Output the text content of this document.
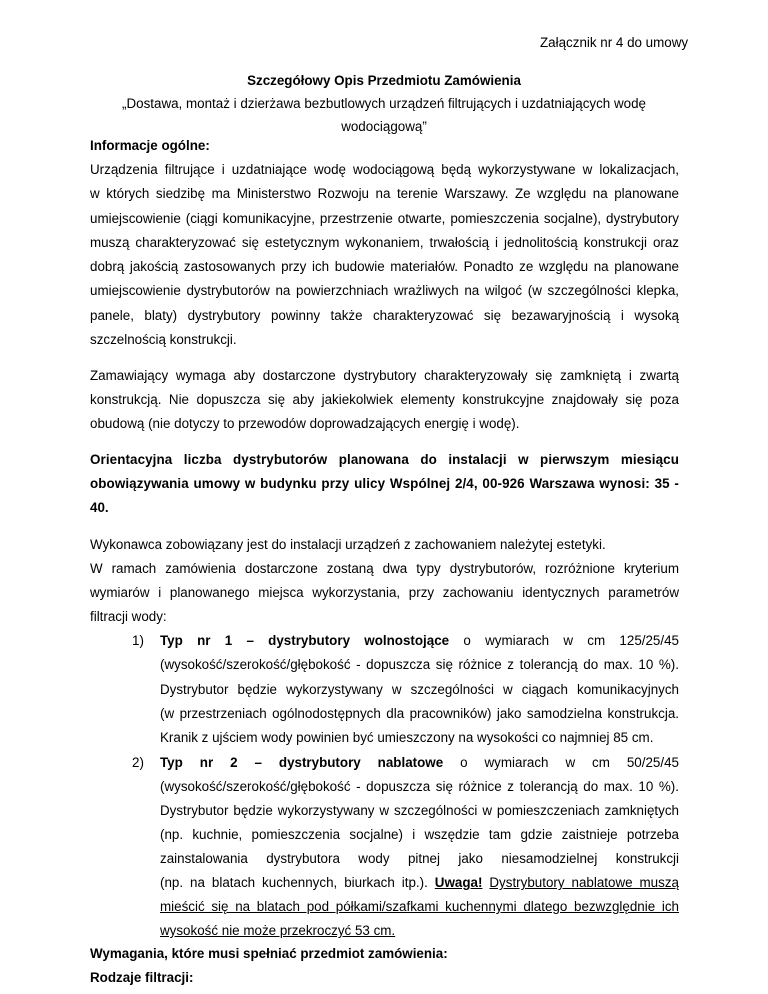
Załącznik nr 4 do umowy
Szczegółowy Opis Przedmiotu Zamówienia
„Dostawa, montaż i dzierżawa bezbutlowych urządzeń filtrujących i uzdatniających wodę
wodociągową”
Informacje ogólne:
Urządzenia filtrujące i uzdatniające wodę wodociągową będą wykorzystywane w lokalizacjach,
w których siedzibę ma Ministerstwo Rozwoju na terenie Warszawy. Ze względu na planowane
umiejscowienie (ciągi komunikacyjne, przestrzenie otwarte, pomieszczenia socjalne), dystrybutory
muszą charakteryzować się estetycznym wykonaniem, trwałością i jednolitością konstrukcji oraz
dobrą jakością zastosowanych przy ich budowie materiałów. Ponadto ze względu na planowane
umiejscowienie dystrybutorów na powierzchniach wrażliwych na wilgoć (w szczególności klepka,
panele, blaty) dystrybutory powinny także charakteryzować się bezawaryjnością i wysoką
szczelnością konstrukcji.
Zamawiający wymaga aby dostarczone dystrybutory charakteryzowały się zamkniętą i zwartą
konstrukcją. Nie dopuszcza się aby jakiekolwiek elementy konstrukcyjne znajdowały się poza
obudową (nie dotyczy to przewodów doprowadzających energię i wodę).
Orientacyjna liczba dystrybutorów planowana do instalacji w pierwszym miesiącu
obowiązywania umowy w budynku przy ulicy Wspólnej 2/4, 00-926 Warszawa wynosi: 35 -
40.
Wykonawca zobowiązany jest do instalacji urządzeń z zachowaniem należytej estetyki.
W ramach zamówienia dostarczone zostaną dwa typy dystrybutorów, rozróżnione kryterium
wymiarów i planowanego miejsca wykorzystania, przy zachowaniu identycznych parametrów
filtracji wody:
1) Typ nr 1 – dystrybutory wolnostojące o wymiarach w cm 125/25/45
(wysokość/szerokość/głębokość - dopuszcza się różnice z tolerancją do max. 10 %).
Dystrybutor będzie wykorzystywany w szczególności w ciągach komunikacyjnych
(w przestrzeniach ogólnodostępnych dla pracowników) jako samodzielna konstrukcja.
Kranik z ujściem wody powinien być umieszczony na wysokości co najmniej 85 cm.
2) Typ nr 2 – dystrybutory nablatowe o wymiarach w cm 50/25/45
(wysokość/szerokość/głębokość - dopuszcza się różnice z tolerancją do max. 10 %).
Dystrybutor będzie wykorzystywany w szczególności w pomieszczeniach zamkniętych
(np. kuchnie, pomieszczenia socjalne) i wszędzie tam gdzie zaistnieje potrzeba
zainstalowania dystrybutora wody pitnej jako niesamodzielnej konstrukcji
(np. na blatach kuchennych, biurkach itp.). Uwaga! Dystrybutory nablatowe muszą
mieścić się na blatach pod półkami/szafkami kuchennymi dlatego bezwzględnie ich
wysokość nie może przekroczyć 53 cm.
Wymagania, które musi spełniać przedmiot zamówienia:
Rodzaje filtracji:
